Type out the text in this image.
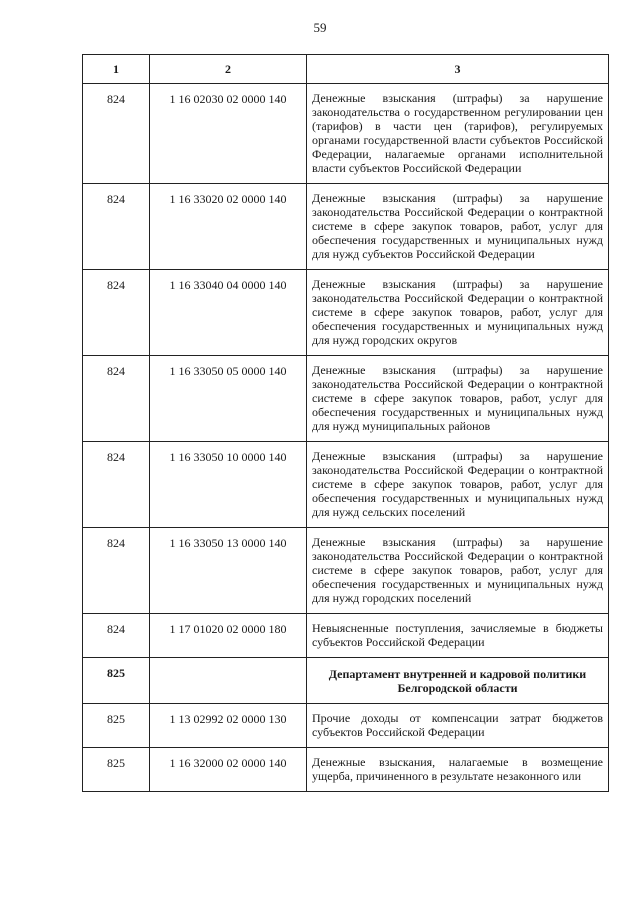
59
1	2	3
824	1 16 02030 02 0000 140	Денежные взыскания (штрафы) за нарушение законодательства о государственном регулировании цен (тарифов) в части цен (тарифов), регулируемых органами государственной власти субъектов Российской Федерации, налагаемые органами исполнительной власти субъектов Российской Федерации
824	1 16 33020 02 0000 140	Денежные взыскания (штрафы) за нарушение законодательства Российской Федерации о контрактной системе в сфере закупок товаров, работ, услуг для обеспечения государственных и муниципальных нужд для нужд субъектов Российской Федерации
824	1 16 33040 04 0000 140	Денежные взыскания (штрафы) за нарушение законодательства Российской Федерации о контрактной системе в сфере закупок товаров, работ, услуг для обеспечения государственных и муниципальных нужд для нужд городских округов
824	1 16 33050 05 0000 140	Денежные взыскания (штрафы) за нарушение законодательства Российской Федерации о контрактной системе в сфере закупок товаров, работ, услуг для обеспечения государственных и муниципальных нужд для нужд муниципальных районов
824	1 16 33050 10 0000 140	Денежные взыскания (штрафы) за нарушение законодательства Российской Федерации о контрактной системе в сфере закупок товаров, работ, услуг для обеспечения государственных и муниципальных нужд для нужд сельских поселений
824	1 16 33050 13 0000 140	Денежные взыскания (штрафы) за нарушение законодательства Российской Федерации о контрактной системе в сфере закупок товаров, работ, услуг для обеспечения государственных и муниципальных нужд для нужд городских поселений
824	1 17 01020 02 0000 180	Невыясненные поступления, зачисляемые в бюджеты субъектов Российской Федерации
825		Департамент внутренней и кадровой политики Белгородской области
825	1 13 02992 02 0000 130	Прочие доходы от компенсации затрат бюджетов субъектов Российской Федерации
825	1 16 32000 02 0000 140	Денежные взыскания, налагаемые в возмещение ущерба, причиненного в результате незаконного или
